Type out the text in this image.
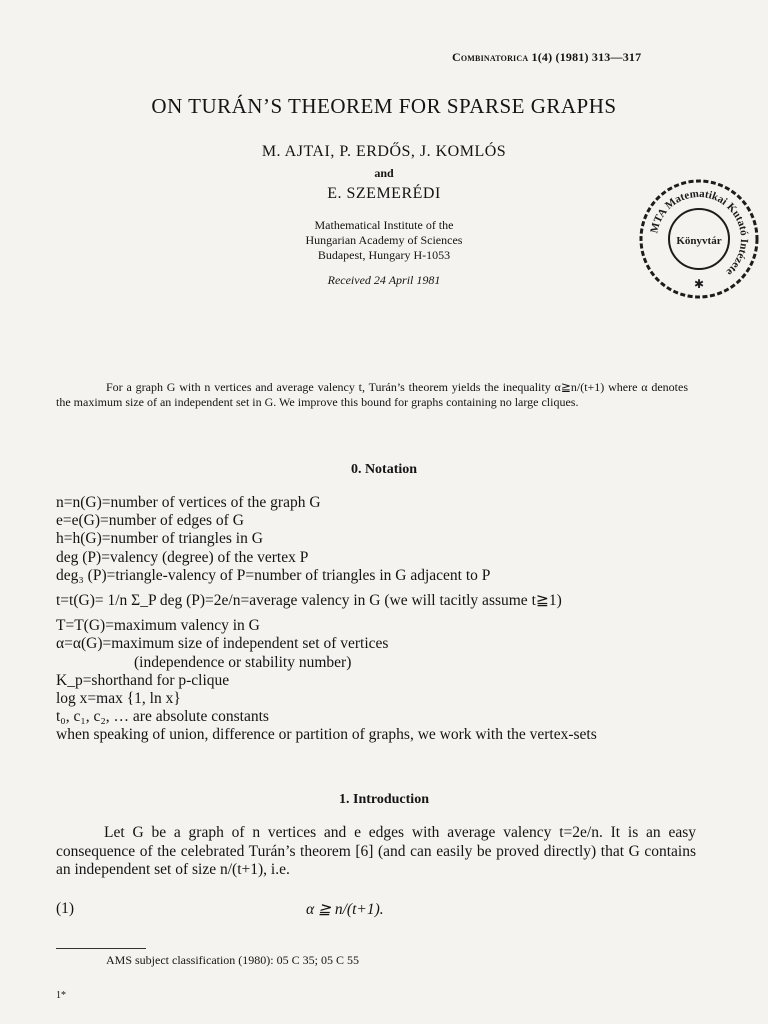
Combinatorica 1(4) (1981) 313—317
ON TURÁN’S THEOREM FOR SPARSE GRAPHS
M. AJTAI, P. ERDŐS, J. KOMLÓS
and
E. SZEMERÉDI
Mathematical Institute of the
Hungarian Academy of Sciences
Budapest, Hungary H-1053
Received 24 April 1981
MTA Matematikai Kutató Intézete
Könyvtár
✱

For a graph G with n vertices and average valency t, Turán’s theorem yields the inequality α≧n/(t+1) where α denotes the maximum size of an independent set in G. We improve this bound for graphs containing no large cliques.

0. Notation
n=n(G)=number of vertices of the graph G
e=e(G)=number of edges of G
h=h(G)=number of triangles in G
deg (P)=valency (degree) of the vertex P
deg₃ (P)=triangle-valency of P=number of triangles in G adjacent to P
t=t(G)= 1/n Σ_P deg (P)=2e/n=average valency in G (we will tacitly assume t≧1)
T=T(G)=maximum valency in G
α=α(G)=maximum size of independent set of vertices
(independence or stability number)
K_p=shorthand for p-clique
log x=max {1, ln x}
t₀, c₁, c₂, … are absolute constants
when speaking of union, difference or partition of graphs, we work with the vertex-sets
1. Introduction

Let G be a graph of n vertices and e edges with average valency t=2e/n. It is an easy consequence of the celebrated Turán’s theorem [6] (and can easily be proved directly) that G contains an independent set of size n/(t+1), i.e.

(1)	α ≧ n/(t+1).
AMS subject classification (1980): 05 C 35; 05 C 55
1*
